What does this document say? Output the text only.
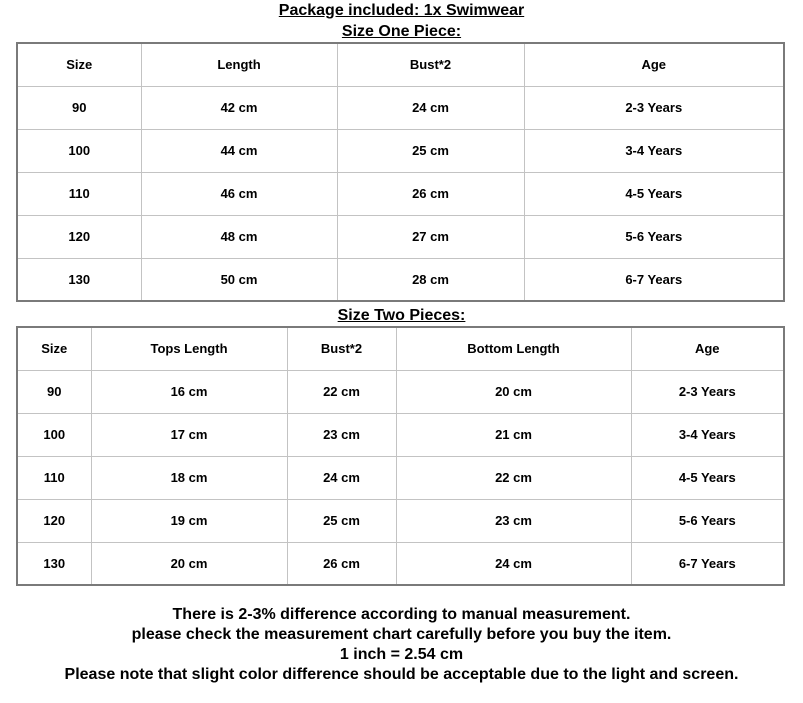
Package included: 1x Swimwear
Size One Piece:
Size	Length	Bust*2	Age
90	42 cm	24 cm	2-3 Years
100	44 cm	25 cm	3-4 Years
110	46 cm	26 cm	4-5 Years
120	48 cm	27 cm	5-6 Years
130	50 cm	28 cm	6-7 Years
Size Two Pieces:
Size	Tops Length	Bust*2	Bottom Length	Age
90	16 cm	22 cm	20 cm	2-3 Years
100	17 cm	23 cm	21 cm	3-4 Years
110	18 cm	24 cm	22 cm	4-5 Years
120	19 cm	25 cm	23 cm	5-6 Years
130	20 cm	26 cm	24 cm	6-7 Years
There is 2-3% difference according to manual measurement.
please check the measurement chart carefully before you buy the item.
1 inch = 2.54 cm
Please note that slight color difference should be acceptable due to the light and screen.
